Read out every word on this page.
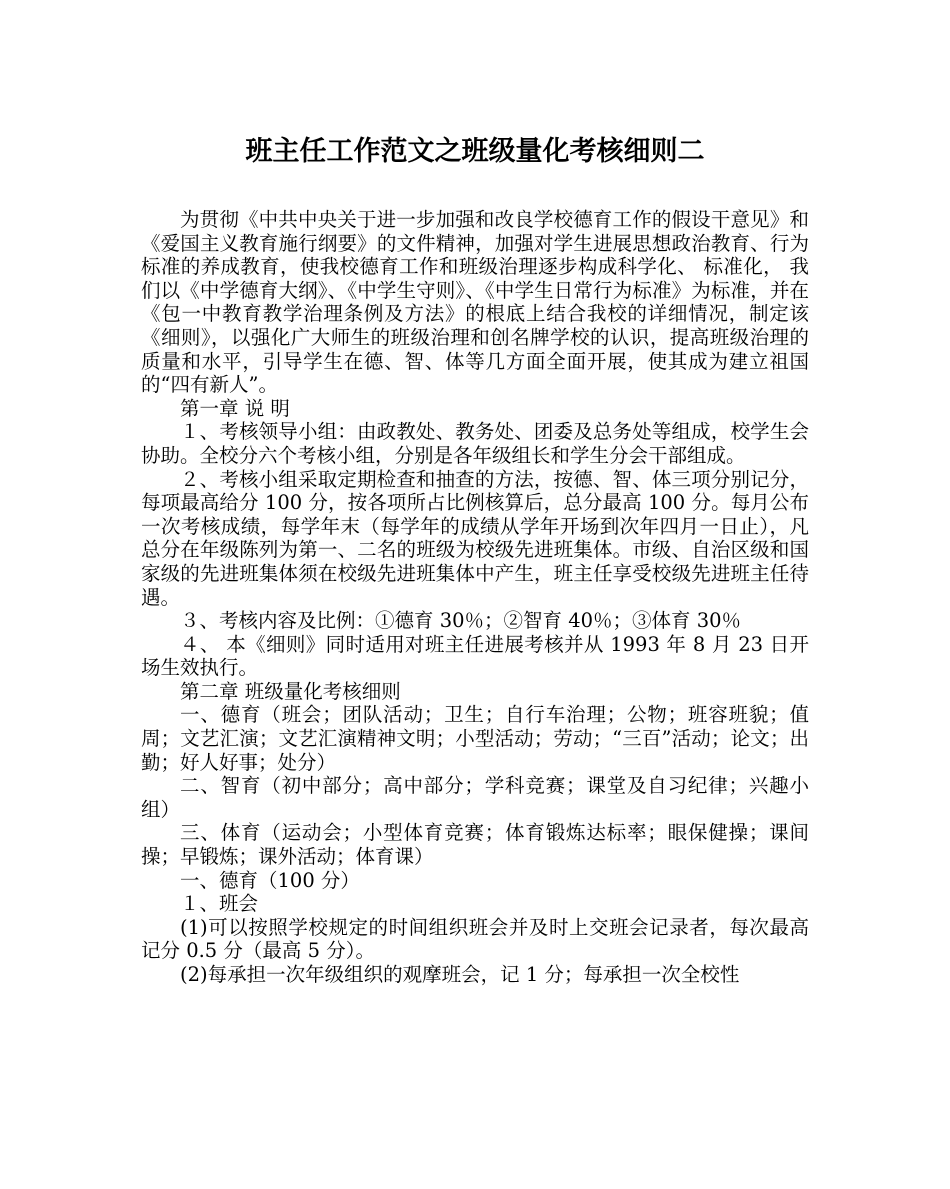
班主任工作范文之班级量化考核细则二

为贯彻《中共中央关于进一步加强和改良学校德育工作的假设干意见》和《爱国主义教育施行纲要》的文件精神，加强对学生进展思想政治教育、行为标准的养成教育，使我校德育工作和班级治理逐步构成科学化、 标准化， 我们以《中学德育大纲》、《中学生守则》、《中学生日常行为标准》为标准，并在《包一中教育教学治理条例及方法》的根底上结合我校的详细情况，制定该《细则》，以强化广大师生的班级治理和创名牌学校的认识，提高班级治理的质量和水平，引导学生在德、智、体等几方面全面开展，使其成为建立祖国的“四有新人”。

第一章 说 明

１、考核领导小组：由政教处、教务处、团委及总务处等组成，校学生会协助。全校分六个考核小组，分别是各年级组长和学生分会干部组成。

２、考核小组采取定期检查和抽查的方法，按德、智、体三项分别记分，每项最高给分 100 分，按各项所占比例核算后，总分最高 100 分。每月公布一次考核成绩，每学年末（每学年的成绩从学年开场到次年四月一日止），凡总分在年级陈列为第一、二名的班级为校级先进班集体。市级、自治区级和国家级的先进班集体须在校级先进班集体中产生，班主任享受校级先进班主任待遇。

３、考核内容及比例：①德育 30％；②智育 40％；③体育 30％

４、 本《细则》同时适用对班主任进展考核并从 1993 年 8 月 23 日开场生效执行。

第二章 班级量化考核细则

一、德育（班会；团队活动；卫生；自行车治理；公物；班容班貌；值周；文艺汇演；文艺汇演精神文明；小型活动；劳动；“三百”活动；论文；出勤；好人好事；处分）

二、智育（初中部分；高中部分；学科竞赛；课堂及自习纪律；兴趣小组）

三、体育（运动会；小型体育竞赛；体育锻炼达标率；眼保健操；课间操；早锻炼；课外活动；体育课）

一、德育（100 分）

１、班会

(1)可以按照学校规定的时间组织班会并及时上交班会记录者，每次最高记分 0.5 分（最高 5 分）。

(2)每承担一次年级组织的观摩班会，记 1 分；每承担一次全校性
